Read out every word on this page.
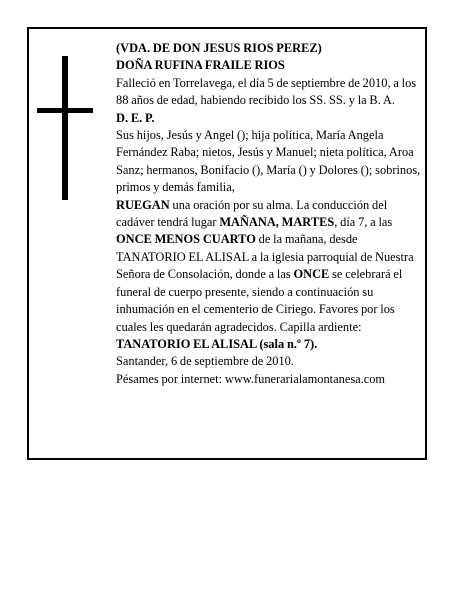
(VDA. DE DON JESUS RIOS PEREZ)

DOÑA RUFINA FRAILE RIOS

Falleció en Torrelavega, el día 5 de septiembre de 2010, a los 88 años de edad, habiendo recibido los SS. SS. y la B. A.

D. E. P.

Sus hijos, Jesús y Angel (); hija política, María Angela Fernández Raba; nietos, Jesús y Manuel; nieta política, Aroa Sanz; hermanos, Bonifacio (), María () y Dolores (); sobrinos, primos y demás familia,

RUEGAN una oración por su alma. La conducción del cadáver tendrá lugar MAÑANA, MARTES, día 7, a las ONCE MENOS CUARTO de la mañana, desde TANATORIO EL ALISAL a la iglesia parroquial de Nuestra Señora de Consolación, donde a las ONCE se celebrará el funeral de cuerpo presente, siendo a continuación su inhumación en el cementerio de Ciriego. Favores por los cuales les quedarán agradecidos. Capilla ardiente: TANATORIO EL ALISAL (sala n.º 7).

Santander, 6 de septiembre de 2010.

Pésames por internet: www.funerarialamontanesa.com
